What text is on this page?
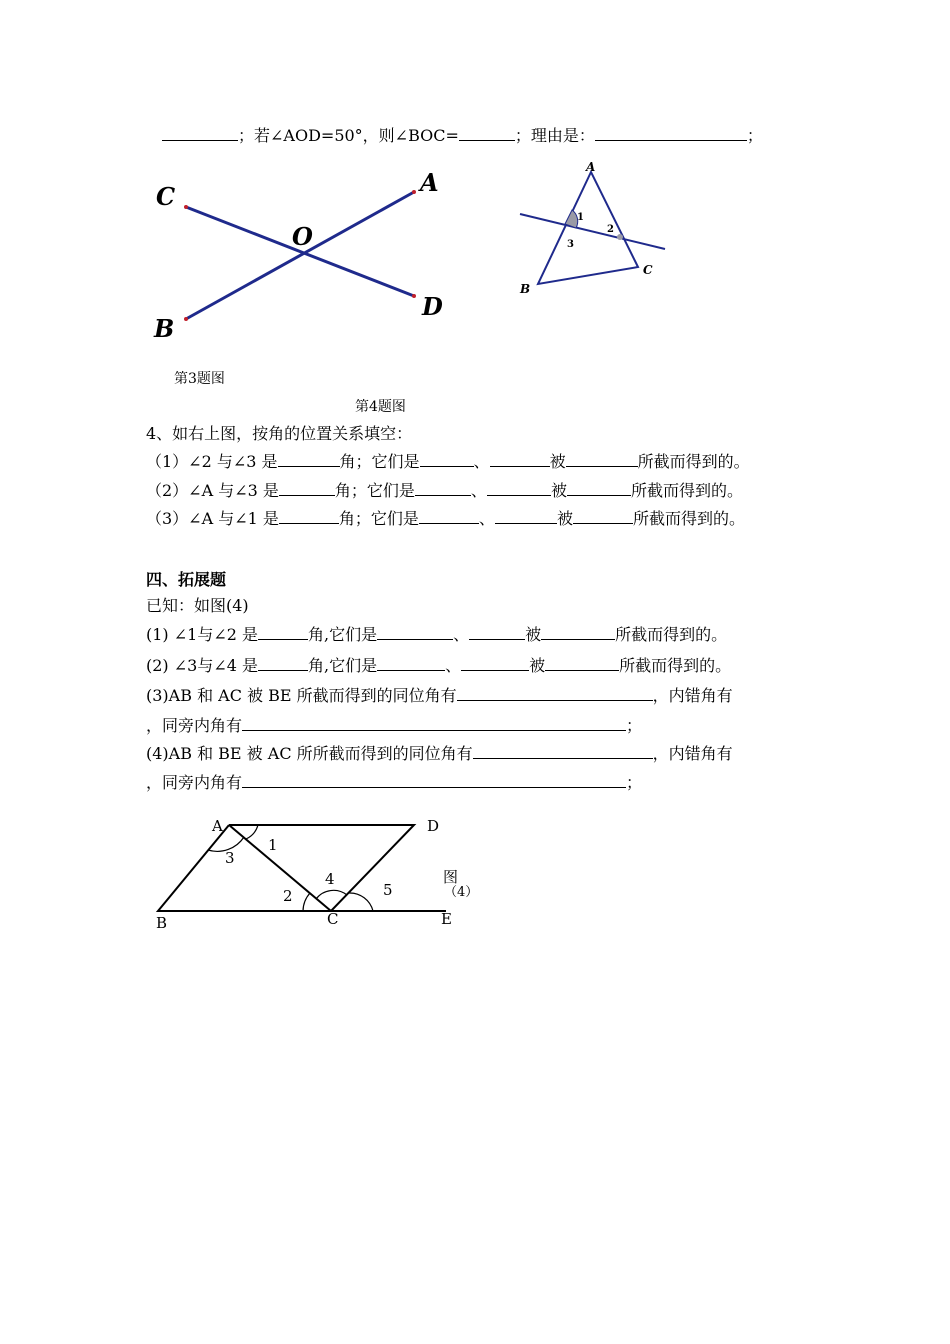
；若∠AOD=50°，则∠BOC=	；理由是：	；
C	A
O
B
D
A
B
C
1
2
3
第3题图
第4题图
4、如右上图，按角的位置关系填空：
（1）∠2 与∠3 是	角；它们是	、	被	所截而得到的。
（2）∠A 与∠3 是	角；它们是	、	被	所截而得到的。
（3）∠A 与∠1 是	角；它们是	、	被	所截而得到的。
四、拓展题
已知：如图(4)
(1) ∠1与∠2 是	角,它们是	、	被	所截而得到的。
(2) ∠3与∠4 是	角,它们是	、	被	所截而得到的。
(3)AB 和 AC 被 BE 所截而得到的同位角有	，内错角有
，同旁内角有	；
(4)AB 和 BE 被 AC 所所截而得到的同位角有	，内错角有
，同旁内角有	；
A	D
B	C	E
1
3
2
4
5
图
（4）
